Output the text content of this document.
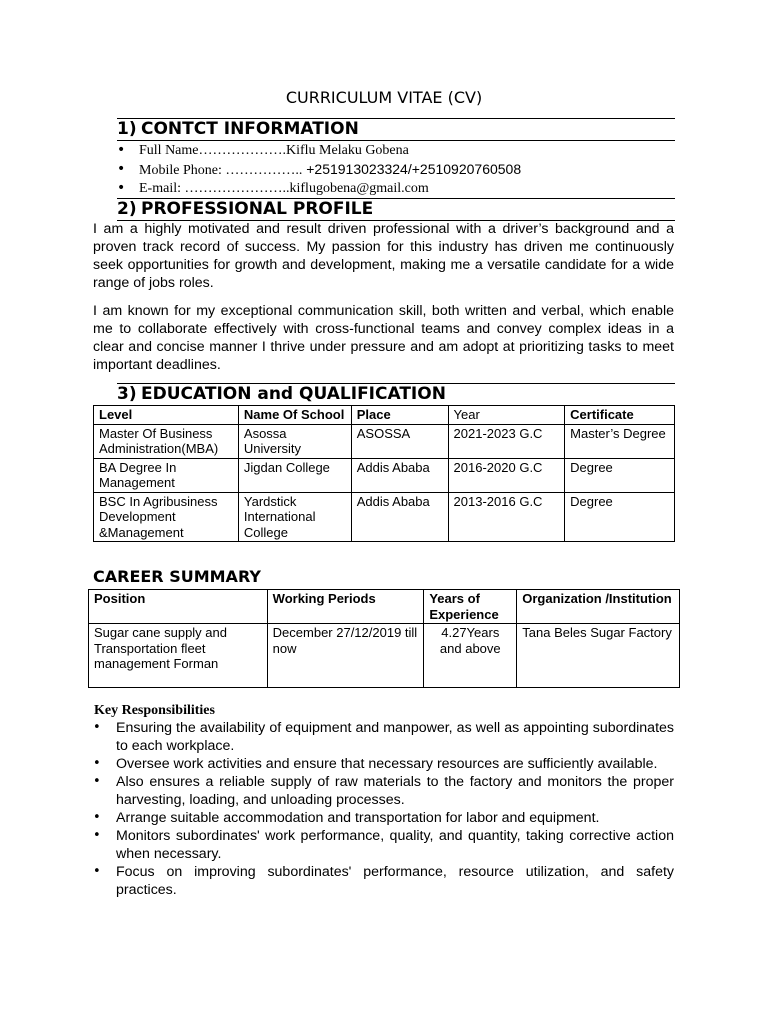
CURRICULUM VITAE (CV)
1) CONTCT INFORMATION
• Full Name……………….Kiflu Melaku Gobena
• Mobile Phone: …………….. +251913023324/+2510920760508
• E-mail: …………………..kiflugobena@gmail.com
2) PROFESSIONAL PROFILE
I am a highly motivated and result driven professional with a driver’s background and a proven track record of success. My passion for this industry has driven me continuously seek opportunities for growth and development, making me a versatile candidate for a wide range of jobs roles.
I am known for my exceptional communication skill, both written and verbal, which enable me to collaborate effectively with cross-functional teams and convey complex ideas in a clear and concise manner I thrive under pressure and am adopt at prioritizing tasks to meet important deadlines.
3) EDUCATION and QUALIFICATION
Level	Name Of School	Place	Year	Certificate
Master Of Business Administration(MBA)	Asossa University	ASOSSA	2021-2023 G.C	Master’s Degree
BA Degree In Management	Jigdan College	Addis Ababa	2016-2020 G.C	Degree
BSC In Agribusiness Development &Management	Yardstick International College	Addis Ababa	2013-2016 G.C	Degree
CAREER SUMMARY
Position	Working Periods	Years of Experience	Organization /Institution
Sugar cane supply and Transportation fleet management Forman	December 27/12/2019 till now	4.27Years and above	Tana Beles Sugar Factory
Key Responsibilities
• Ensuring the availability of equipment and manpower, as well as appointing subordinates to each workplace.
• Oversee work activities and ensure that necessary resources are sufficiently available.
• Also ensures a reliable supply of raw materials to the factory and monitors the proper harvesting, loading, and unloading processes.
• Arrange suitable accommodation and transportation for labor and equipment.
• Monitors subordinates' work performance, quality, and quantity, taking corrective action when necessary.
• Focus on improving subordinates' performance, resource utilization, and safety practices.
